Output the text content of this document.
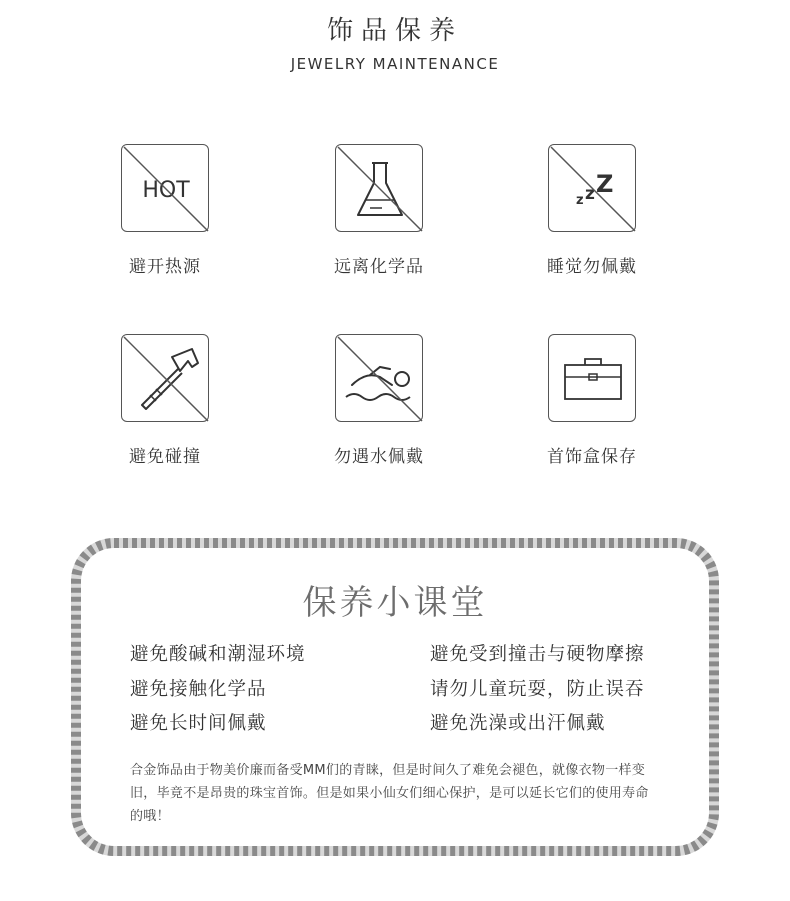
饰品保养
JEWELRY MAINTENANCE
HOT
避开热源	远离化学品
z z Z
睡觉勿佩戴
避免碰撞	勿遇水佩戴	首饰盒保存
保养小课堂
避免酸碱和潮湿环境
避免接触化学品
避免长时间佩戴
避免受到撞击与硬物摩擦
请勿儿童玩耍，防止误吞
避免洗澡或出汗佩戴
合金饰品由于物美价廉而备受MM们的青睐，但是时间久了难免会褪色，就像衣物一样变旧，毕竟不是昂贵的珠宝首饰。但是如果小仙女们细心保护，是可以延长它们的使用寿命的哦！
